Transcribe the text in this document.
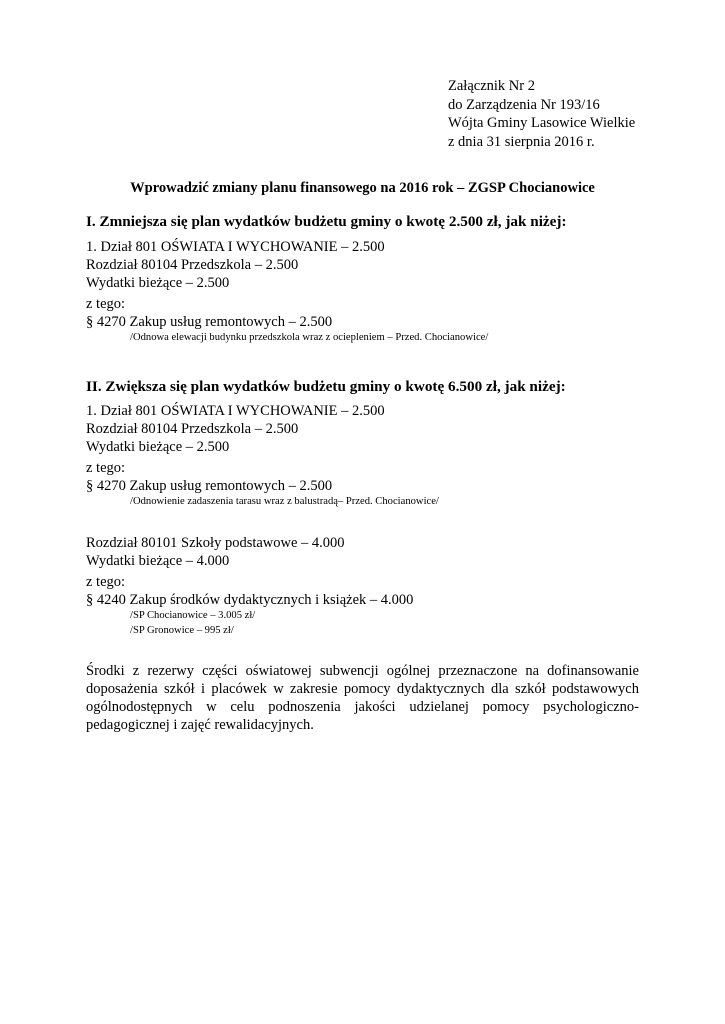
Załącznik Nr 2
do Zarządzenia Nr 193/16
Wójta Gminy Lasowice Wielkie
z dnia 31 sierpnia 2016 r.
Wprowadzić zmiany planu finansowego na 2016 rok – ZGSP Chocianowice
I. Zmniejsza się plan wydatków budżetu gminy o kwotę 2.500 zł, jak niżej:
1. Dział 801 OŚWIATA I WYCHOWANIE – 2.500
Rozdział 80104 Przedszkola – 2.500
Wydatki bieżące – 2.500
z tego:
§ 4270 Zakup usług remontowych – 2.500
/Odnowa elewacji budynku przedszkola wraz z ociepleniem – Przed. Chocianowice/
II. Zwiększa się plan wydatków budżetu gminy o kwotę 6.500 zł, jak niżej:
1. Dział 801 OŚWIATA I WYCHOWANIE – 2.500
Rozdział 80104 Przedszkola – 2.500
Wydatki bieżące – 2.500
z tego:
§ 4270 Zakup usług remontowych – 2.500
/Odnowienie zadaszenia tarasu wraz z balustradą– Przed. Chocianowice/
Rozdział 80101 Szkoły podstawowe – 4.000
Wydatki bieżące – 4.000
z tego:
§ 4240 Zakup środków dydaktycznych i książek – 4.000
/SP Chocianowice – 3.005 zł/
/SP Gronowice – 995 zł/
Środki z rezerwy części oświatowej subwencji ogólnej przeznaczone na dofinansowanie doposażenia szkół i placówek w zakresie pomocy dydaktycznych dla szkół podstawowych ogólnodostępnych w celu podnoszenia jakości udzielanej pomocy psychologiczno-pedagogicznej i zajęć rewalidacyjnych.
